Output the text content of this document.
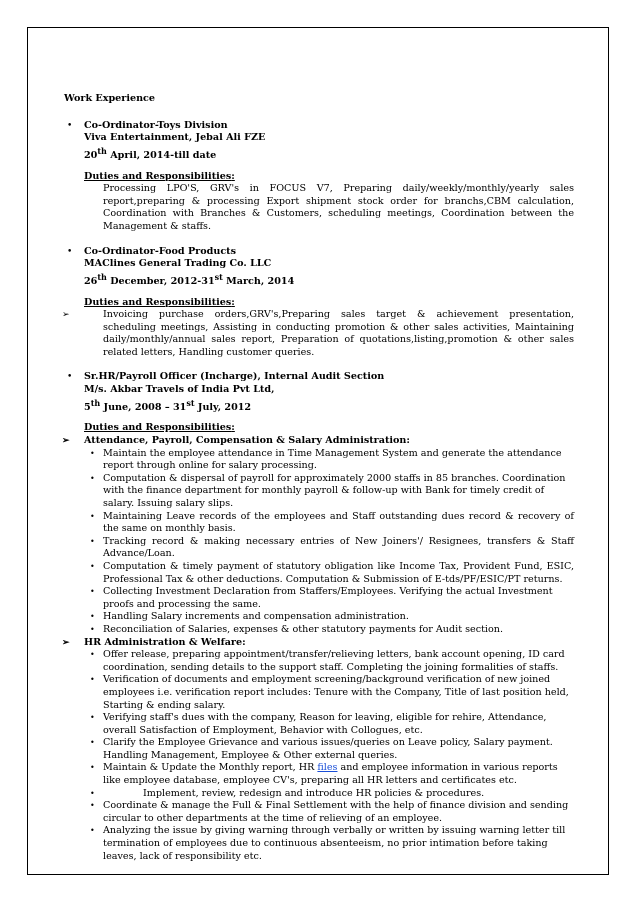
Work Experience
• Co-Ordinator-Toys Division
Viva Entertainment, Jebal Ali FZE
20th April, 2014-till date
Duties and Responsibilities:
Processing LPO'S, GRV's in FOCUS V7, Preparing daily/weekly/monthly/yearly sales report,preparing & processing Export shipment stock order for branchs,CBM calculation, Coordination with Branches & Customers, scheduling meetings, Coordination between the Management & staffs.
• Co-Ordinator-Food Products
MAClines General Trading Co. LLC
26th December, 2012-31st March, 2014
Duties and Responsibilities:
➢	Invoicing purchase orders,GRV's,Preparing sales target & achievement presentation, scheduling meetings, Assisting in conducting promotion & other sales activities, Maintaining daily/monthly/annual sales report, Preparation of quotations,listing,promotion & other sales related letters, Handling customer queries.
• Sr.HR/Payroll Officer (Incharge), Internal Audit Section
M/s. Akbar Travels of India Pvt Ltd,
5th June, 2008 – 31st July, 2012
Duties and Responsibilities:
➢ Attendance, Payroll, Compensation & Salary Administration:
• Maintain the employee attendance in Time Management System and generate the attendance report through online for salary processing.
• Computation & dispersal of payroll for approximately 2000 staffs in 85 branches. Coordination with the finance department for monthly payroll & follow-up with Bank for timely credit of salary. Issuing salary slips.
• Maintaining Leave records of the employees and Staff outstanding dues record & recovery of the same on monthly basis.
• Tracking record & making necessary entries of New Joiners'/ Resignees, transfers & Staff Advance/Loan.
• Computation & timely payment of statutory obligation like Income Tax, Provident Fund, ESIC, Professional Tax & other deductions. Computation & Submission of E-tds/PF/ESIC/PT returns.
• Collecting Investment Declaration from Staffers/Employees. Verifying the actual Investment proofs and processing the same.
• Handling Salary increments and compensation administration.
• Reconciliation of Salaries, expenses & other statutory payments for Audit section.
➢ HR Administration & Welfare:
• Offer release, preparing appointment/transfer/relieving letters, bank account opening, ID card coordination, sending details to the support staff. Completing the joining formalities of staffs.
• Verification of documents and employment screening/background verification of new joined employees i.e. verification report includes: Tenure with the Company, Title of last position held, Starting & ending salary.
• Verifying staff's dues with the company, Reason for leaving, eligible for rehire, Attendance, overall Satisfaction of Employment, Behavior with Collogues, etc.
• Clarify the Employee Grievance and various issues/queries on Leave policy, Salary payment. Handling Management, Employee & Other external queries.
• Maintain & Update the Monthly report, HR files and employee information in various reports like employee database, employee CV's, preparing all HR letters and certificates etc.
•	Implement, review, redesign and introduce HR policies & procedures.
• Coordinate & manage the Full & Final Settlement with the help of finance division and sending circular to other departments at the time of relieving of an employee.
• Analyzing the issue by giving warning through verbally or written by issuing warning letter till termination of employees due to continuous absenteeism, no prior intimation before taking leaves, lack of responsibility etc.
